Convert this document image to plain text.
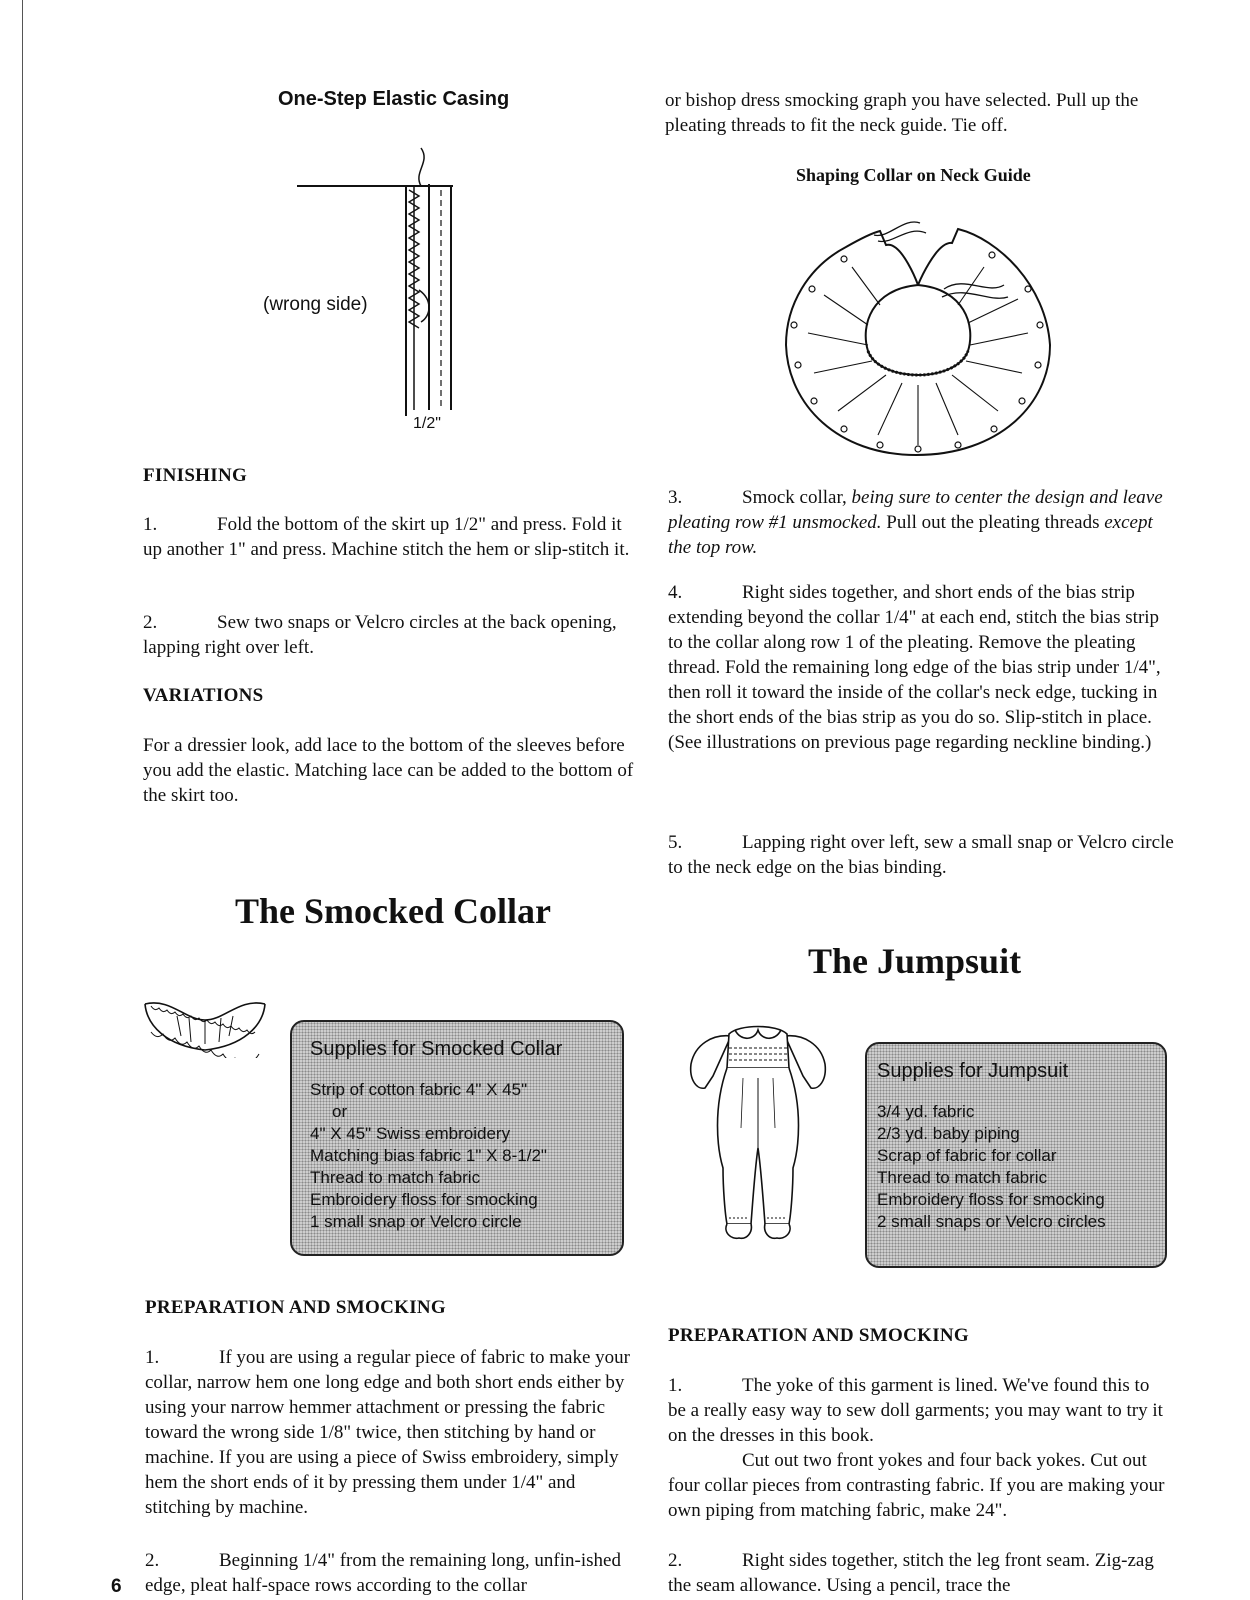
One-Step Elastic Casing

(wrong side)
1/2"

FINISHING

1.	Fold the bottom of the skirt up 1/2" and press. Fold it up another 1" and press. Machine stitch the hem or slip-stitch it.

2.	Sew two snaps or Velcro circles at the back opening, lapping right over left.

VARIATIONS

For a dressier look, add lace to the bottom of the sleeves before you add the elastic. Matching lace can be added to the bottom of the skirt too.

The Smocked Collar

Supplies for Smocked Collar

Strip of cotton fabric 4" X 45"

or

4" X 45" Swiss embroidery

Matching bias fabric 1" X 8-1/2"

Thread to match fabric

Embroidery floss for smocking

1 small snap or Velcro circle

PREPARATION AND SMOCKING

1.	If you are using a regular piece of fabric to make your collar, narrow hem one long edge and both short ends either by using your narrow hemmer attachment or pressing the fabric toward the wrong side 1/8" twice, then stitching by hand or machine. If you are using a piece of Swiss embroidery, simply hem the short ends of it by pressing them under 1/4" and stitching by machine.

2.	Beginning 1/4" from the remaining long, unfin-ished edge, pleat half-space rows according to the collar

6

or bishop dress smocking graph you have selected. Pull up the pleating threads to fit the neck guide. Tie off.

Shaping Collar on Neck Guide

3.	Smock collar, being sure to center the design and leave pleating row #1 unsmocked. Pull out the pleating threads except the top row.

4.	Right sides together, and short ends of the bias strip extending beyond the collar 1/4" at each end, stitch the bias strip to the collar along row 1 of the pleating. Remove the pleating thread. Fold the remaining long edge of the bias strip under 1/4", then roll it toward the inside of the collar's neck edge, tucking in the short ends of the bias strip as you do so. Slip-stitch in place.

(See illustrations on previous page regarding neckline binding.)

5.	Lapping right over left, sew a small snap or Velcro circle to the neck edge on the bias binding.

The Jumpsuit

Supplies for Jumpsuit

3/4 yd. fabric

2/3 yd. baby piping

Scrap of fabric for collar

Thread to match fabric

Embroidery floss for smocking

2 small snaps or Velcro circles

PREPARATION AND SMOCKING

1.	The yoke of this garment is lined. We've found this to be a really easy way to sew doll garments; you may want to try it on the dresses in this book.

Cut out two front yokes and four back yokes. Cut out four collar pieces from contrasting fabric. If you are making your own piping from matching fabric, make 24".

2.	Right sides together, stitch the leg front seam. Zig-zag the seam allowance. Using a pencil, trace the
